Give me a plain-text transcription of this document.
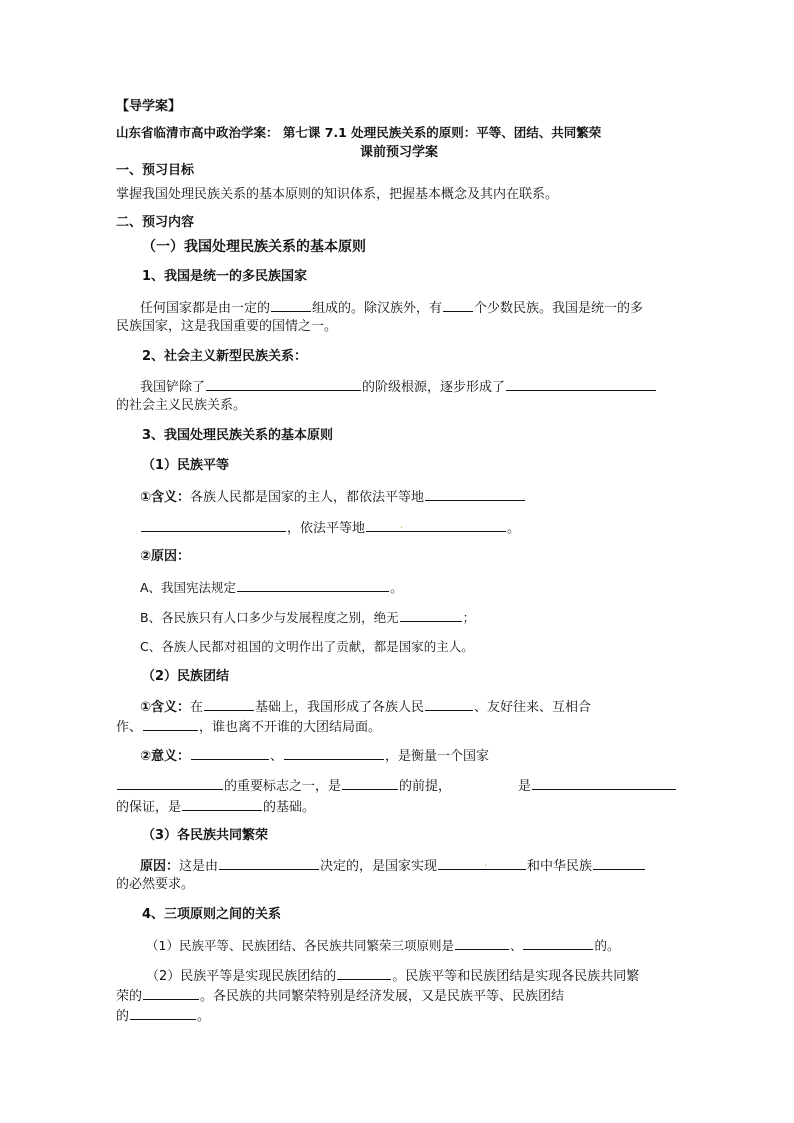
【导学案】
山东省临清市高中政治学案： 第七课 7.1 处理民族关系的原则：平等、团结、共同繁荣
课前预习学案
一、预习目标
掌握我国处理民族关系的基本原则的知识体系，把握基本概念及其内在联系。
二、预习内容
（一）我国处理民族关系的基本原则
1、我国是统一的多民族国家
任何国家都是由一定的	组成的。除汉族外，有 个少数民族。我国是统一的多
民族国家，这是我国重要的国情之一。
2、社会主义新型民族关系：
我国铲除了	的阶级根源，逐步形成了
的社会主义民族关系。
3、我国处理民族关系的基本原则
（1）民族平等
①含义：各族人民都是国家的主人，都依法平等地
，依法平等地	。
·
②原因：
A、我国宪法规定	。
B、各民族只有人口多少与发展程度之别，绝无	；
C、各族人民都对祖国的文明作出了贡献，都是国家的主人。
（2）民族团结
①含义：在	基础上，我国形成了各族人民	、友好往来、互相合
作、	，谁也离不开谁的大团结局面。
②意义：	、	，是衡量一个国家
的重要标志之一，是	的前提，	是
的保证，是	的基础。
（3）各民族共同繁荣
原因：这是由	决定的，是国家实现	和中华民族
·
的必然要求。
4、三项原则之间的关系
（1）民族平等、民族团结、各民族共同繁荣三项原则是	、	的。
（2）民族平等是实现民族团结的	。民族平等和民族团结是实现各民族共同繁
荣的	。各民族的共同繁荣特别是经济发展，又是民族平等、民族团结
的	。
